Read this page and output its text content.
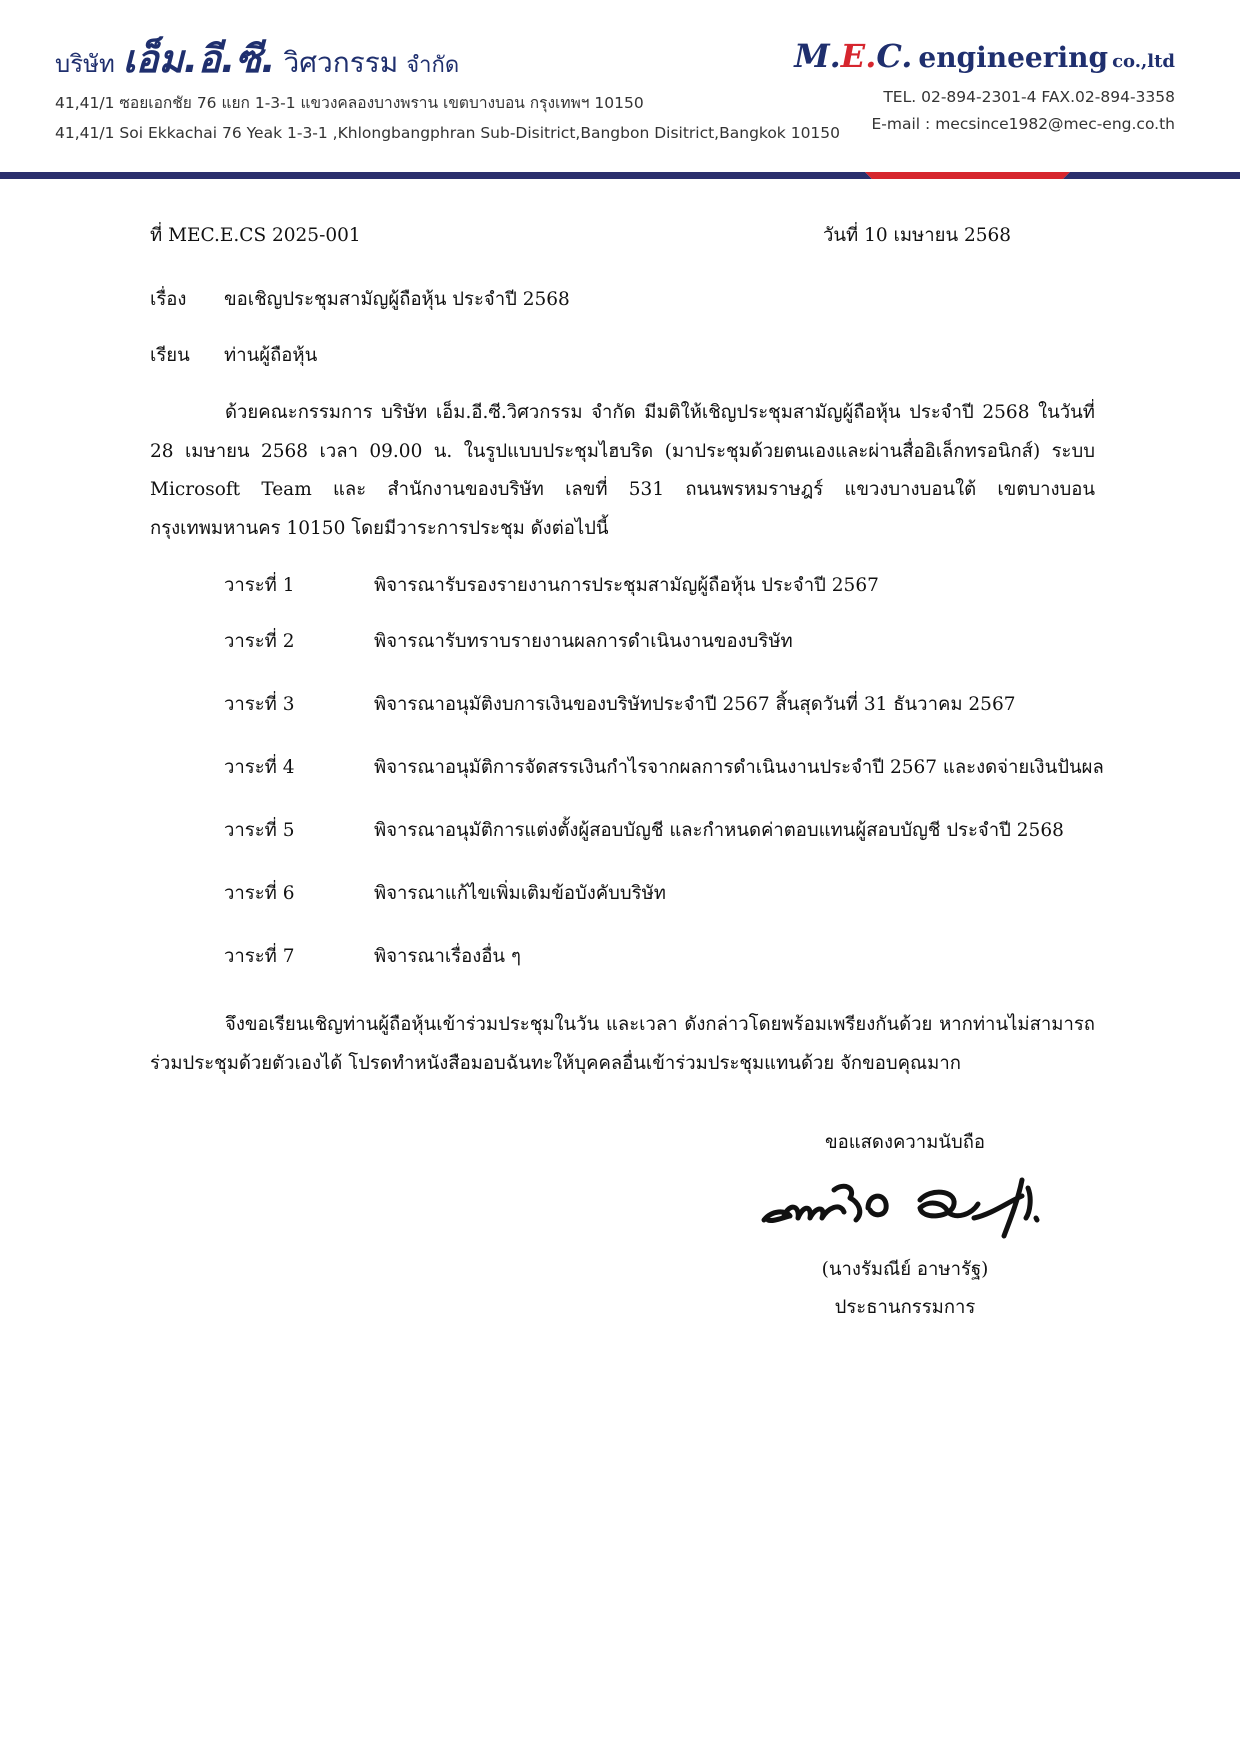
บริษัท เอ็ม.อี.ซี. วิศวกรรม จำกัด
41,41/1 ซอยเอกชัย 76 แยก 1-3-1 แขวงคลองบางพราน เขตบางบอน กรุงเทพฯ 10150
41,41/1 Soi Ekkachai 76 Yeak 1-3-1 ,Khlongbangphran Sub-Disitrict,Bangbon Disitrict,Bangkok 10150
M.E.C. engineering co.,ltd
TEL. 02-894-2301-4 FAX.02-894-3358
E-mail : mecsince1982@mec-eng.co.th
ที่ MEC.E.CS 2025-001	วันที่ 10 เมษายน 2568
เรื่อง ขอเชิญประชุมสามัญผู้ถือหุ้น ประจำปี 2568
เรียน ท่านผู้ถือหุ้น
ด้วยคณะกรรมการ บริษัท เอ็ม.อี.ซี.วิศวกรรม จำกัด มีมติให้เชิญประชุมสามัญผู้ถือหุ้น ประจำปี 2568 ในวันที่ 28 เมษายน 2568 เวลา 09.00 น. ในรูปแบบประชุมไฮบริด (มาประชุมด้วยตนเองและผ่านสื่ออิเล็กทรอนิกส์) ระบบ Microsoft Team และ สำนักงานของบริษัท เลขที่ 531 ถนนพรหมราษฎร์ แขวงบางบอนใต้ เขตบางบอน กรุงเทพมหานคร 10150 โดยมีวาระการประชุม ดังต่อไปนี้
วาระที่ 1	พิจารณารับรองรายงานการประชุมสามัญผู้ถือหุ้น ประจำปี 2567
วาระที่ 2	พิจารณารับทราบรายงานผลการดำเนินงานของบริษัท
วาระที่ 3	พิจารณาอนุมัติงบการเงินของบริษัทประจำปี 2567 สิ้นสุดวันที่ 31 ธันวาคม 2567
วาระที่ 4	พิจารณาอนุมัติการจัดสรรเงินกำไรจากผลการดำเนินงานประจำปี 2567 และงดจ่ายเงินปันผล
วาระที่ 5	พิจารณาอนุมัติการแต่งตั้งผู้สอบบัญชี และกำหนดค่าตอบแทนผู้สอบบัญชี ประจำปี 2568
วาระที่ 6	พิจารณาแก้ไขเพิ่มเติมข้อบังคับบริษัท
วาระที่ 7	พิจารณาเรื่องอื่น ๆ
จึงขอเรียนเชิญท่านผู้ถือหุ้นเข้าร่วมประชุมในวัน และเวลา ดังกล่าวโดยพร้อมเพรียงกันด้วย หากท่านไม่สามารถร่วมประชุมด้วยตัวเองได้ โปรดทำหนังสือมอบฉันทะให้บุคคลอื่นเข้าร่วมประชุมแทนด้วย จักขอบคุณมาก
ขอแสดงความนับถือ
(นางรัมณีย์ อาษารัฐ)
ประธานกรรมการ
